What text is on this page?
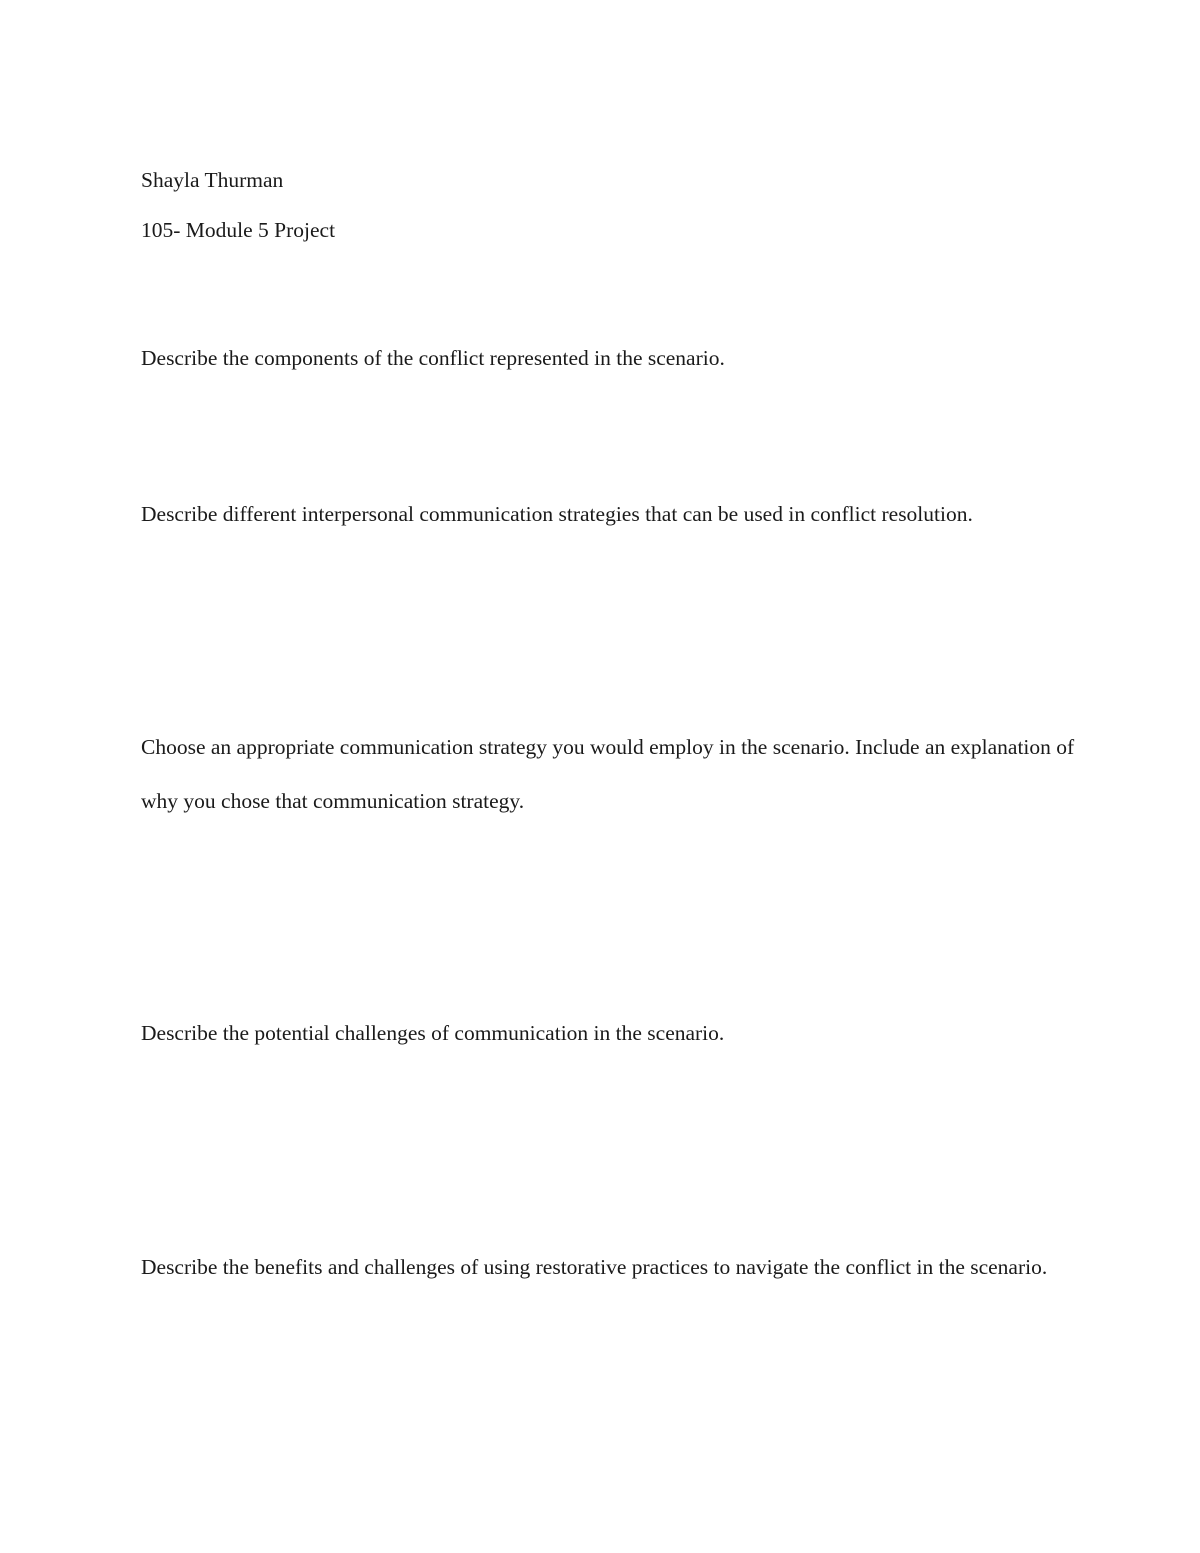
Shayla Thurman

105- Module 5 Project

Describe the components of the conflict represented in the scenario.

Describe different interpersonal communication strategies that can be used in conflict resolution.

Choose an appropriate communication strategy you would employ in the scenario. Include an explanation of why you chose that communication strategy.

Describe the potential challenges of communication in the scenario.

Describe the benefits and challenges of using restorative practices to navigate the conflict in the scenario.
